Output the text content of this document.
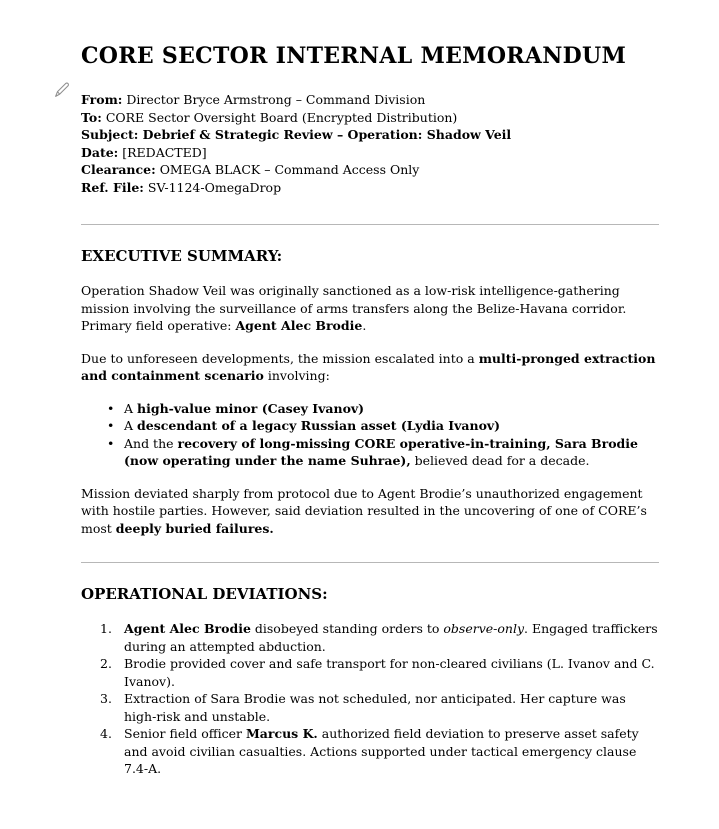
CORE SECTOR INTERNAL MEMORANDUM

From: Director Bryce Armstrong – Command Division

To: CORE Sector Oversight Board (Encrypted Distribution)

Subject: Debrief & Strategic Review – Operation: Shadow Veil

Date: [REDACTED]

Clearance: OMEGA BLACK – Command Access Only

Ref. File: SV-1124-OmegaDrop

EXECUTIVE SUMMARY:

Operation Shadow Veil was originally sanctioned as a low-risk intelligence-gathering mission involving the surveillance of arms transfers along the Belize-Havana corridor. Primary field operative: Agent Alec Brodie.

Due to unforeseen developments, the mission escalated into a multi-pronged extraction and containment scenario involving:

• A high-value minor (Casey Ivanov)
• A descendant of a legacy Russian asset (Lydia Ivanov)
• And the recovery of long-missing CORE operative-in-training, Sara Brodie (now operating under the name Suhrae), believed dead for a decade.

Mission deviated sharply from protocol due to Agent Brodie’s unauthorized engagement with hostile parties. However, said deviation resulted in the uncovering of one of CORE’s most deeply buried failures.

OPERATIONAL DEVIATIONS:
Agent Alec Brodie disobeyed standing orders to observe-only. Engaged traffickers during an attempted abduction.
Brodie provided cover and safe transport for non-cleared civilians (L. Ivanov and C. Ivanov).
Extraction of Sara Brodie was not scheduled, nor anticipated. Her capture was high-risk and unstable.
Senior field officer Marcus K. authorized field deviation to preserve asset safety and avoid civilian casualties. Actions supported under tactical emergency clause 7.4-A.
